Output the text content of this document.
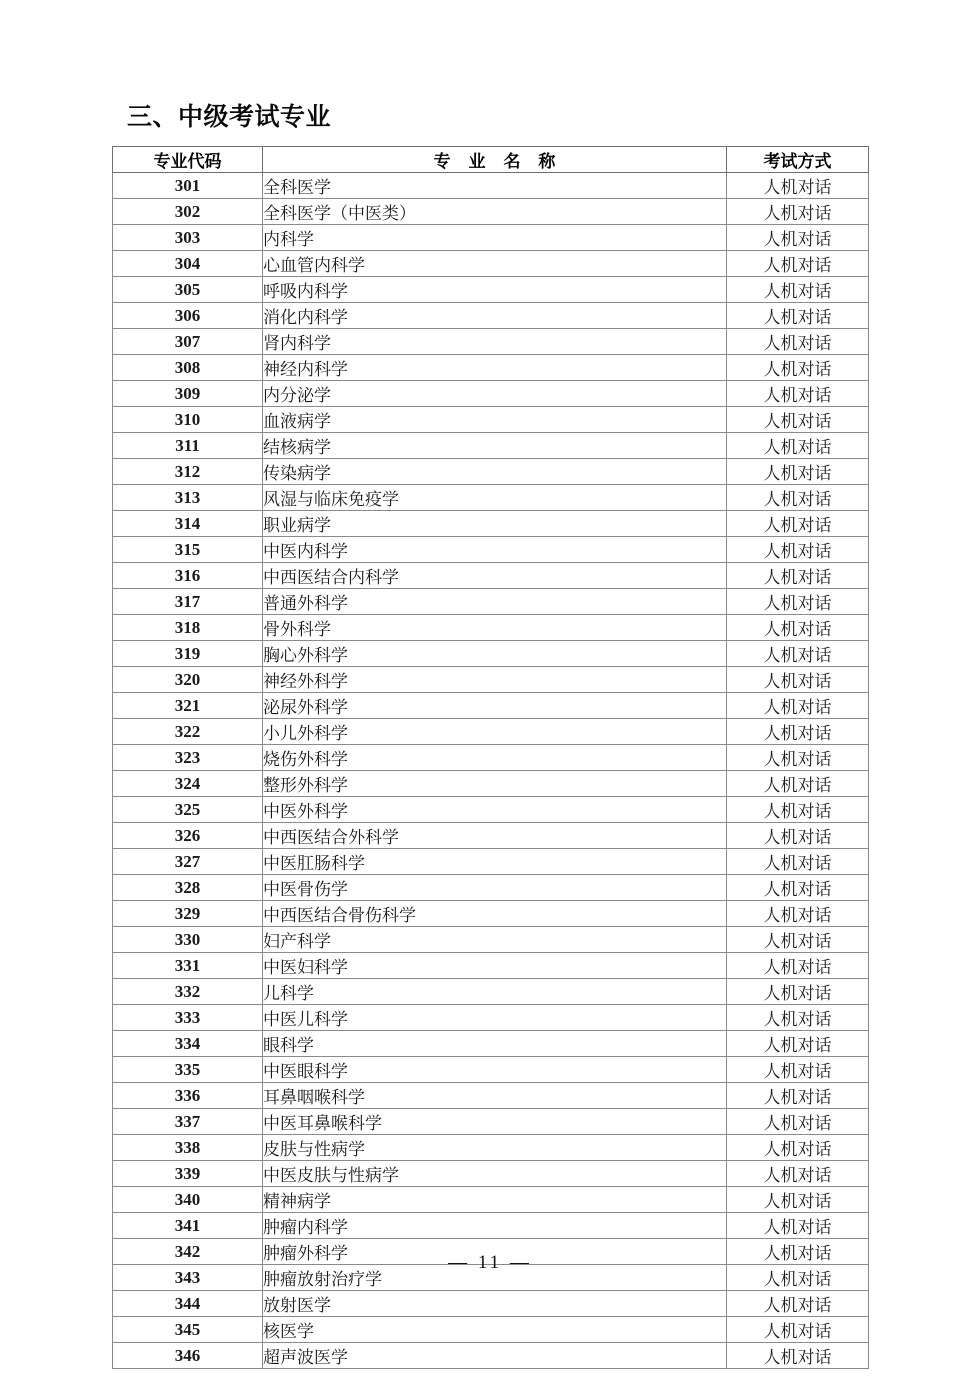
三、中级考试专业
专业代码	专 业 名 称	考试方式
301	全科医学	人机对话
302	全科医学（中医类）	人机对话
303	内科学	人机对话
304	心血管内科学	人机对话
305	呼吸内科学	人机对话
306	消化内科学	人机对话
307	肾内科学	人机对话
308	神经内科学	人机对话
309	内分泌学	人机对话
310	血液病学	人机对话
311	结核病学	人机对话
312	传染病学	人机对话
313	风湿与临床免疫学	人机对话
314	职业病学	人机对话
315	中医内科学	人机对话
316	中西医结合内科学	人机对话
317	普通外科学	人机对话
318	骨外科学	人机对话
319	胸心外科学	人机对话
320	神经外科学	人机对话
321	泌尿外科学	人机对话
322	小儿外科学	人机对话
323	烧伤外科学	人机对话
324	整形外科学	人机对话
325	中医外科学	人机对话
326	中西医结合外科学	人机对话
327	中医肛肠科学	人机对话
328	中医骨伤学	人机对话
329	中西医结合骨伤科学	人机对话
330	妇产科学	人机对话
331	中医妇科学	人机对话
332	儿科学	人机对话
333	中医儿科学	人机对话
334	眼科学	人机对话
335	中医眼科学	人机对话
336	耳鼻咽喉科学	人机对话
337	中医耳鼻喉科学	人机对话
338	皮肤与性病学	人机对话
339	中医皮肤与性病学	人机对话
340	精神病学	人机对话
341	肿瘤内科学	人机对话
342	肿瘤外科学	人机对话
343	肿瘤放射治疗学	人机对话
344	放射医学	人机对话
345	核医学	人机对话
346	超声波医学	人机对话
— 11 —
